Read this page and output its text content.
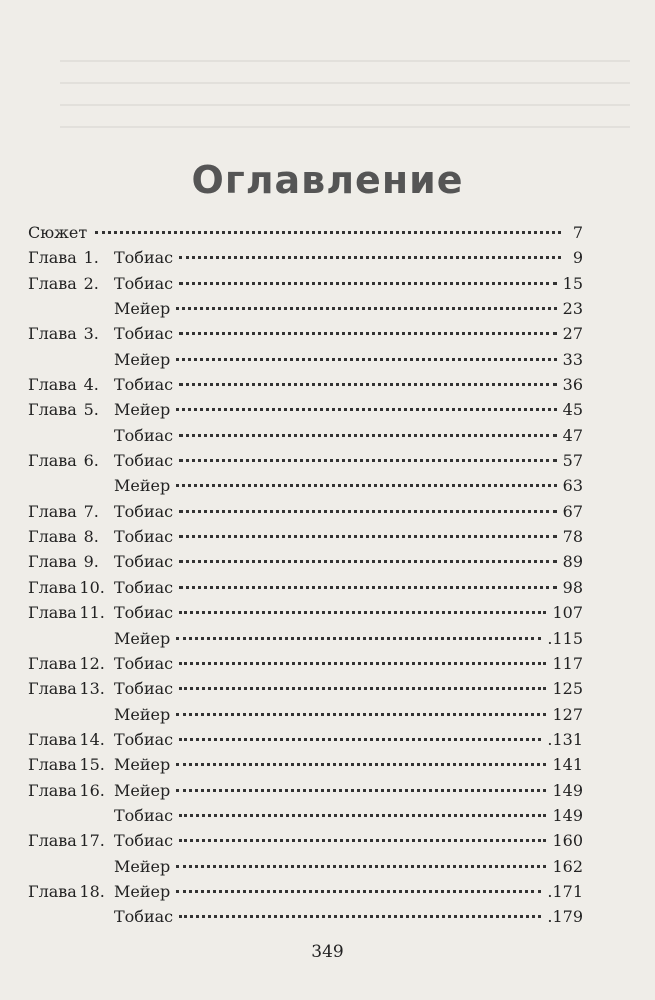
Оглавление
Сюжет	7
Глава 1. Тобиас	9
Глава 2. Тобиас	15
Мейер	23
Глава 3. Тобиас	27
Мейер	33
Глава 4. Тобиас	36
Глава 5. Мейер	45
Тобиас	47
Глава 6. Тобиас	57
Мейер	63
Глава 7. Тобиас	67
Глава 8. Тобиас	78
Глава 9. Тобиас	89
Глава 10. Тобиас	98
Глава 11. Тобиас	107
Мейер	.115
Глава 12. Тобиас	117
Глава 13. Тобиас	125
Мейер	127
Глава 14. Тобиас	.131
Глава 15. Мейер	141
Глава 16. Мейер	149
Тобиас	149
Глава 17. Тобиас	160
Мейер	162
Глава 18. Мейер	.171
Тобиас	.179
349
